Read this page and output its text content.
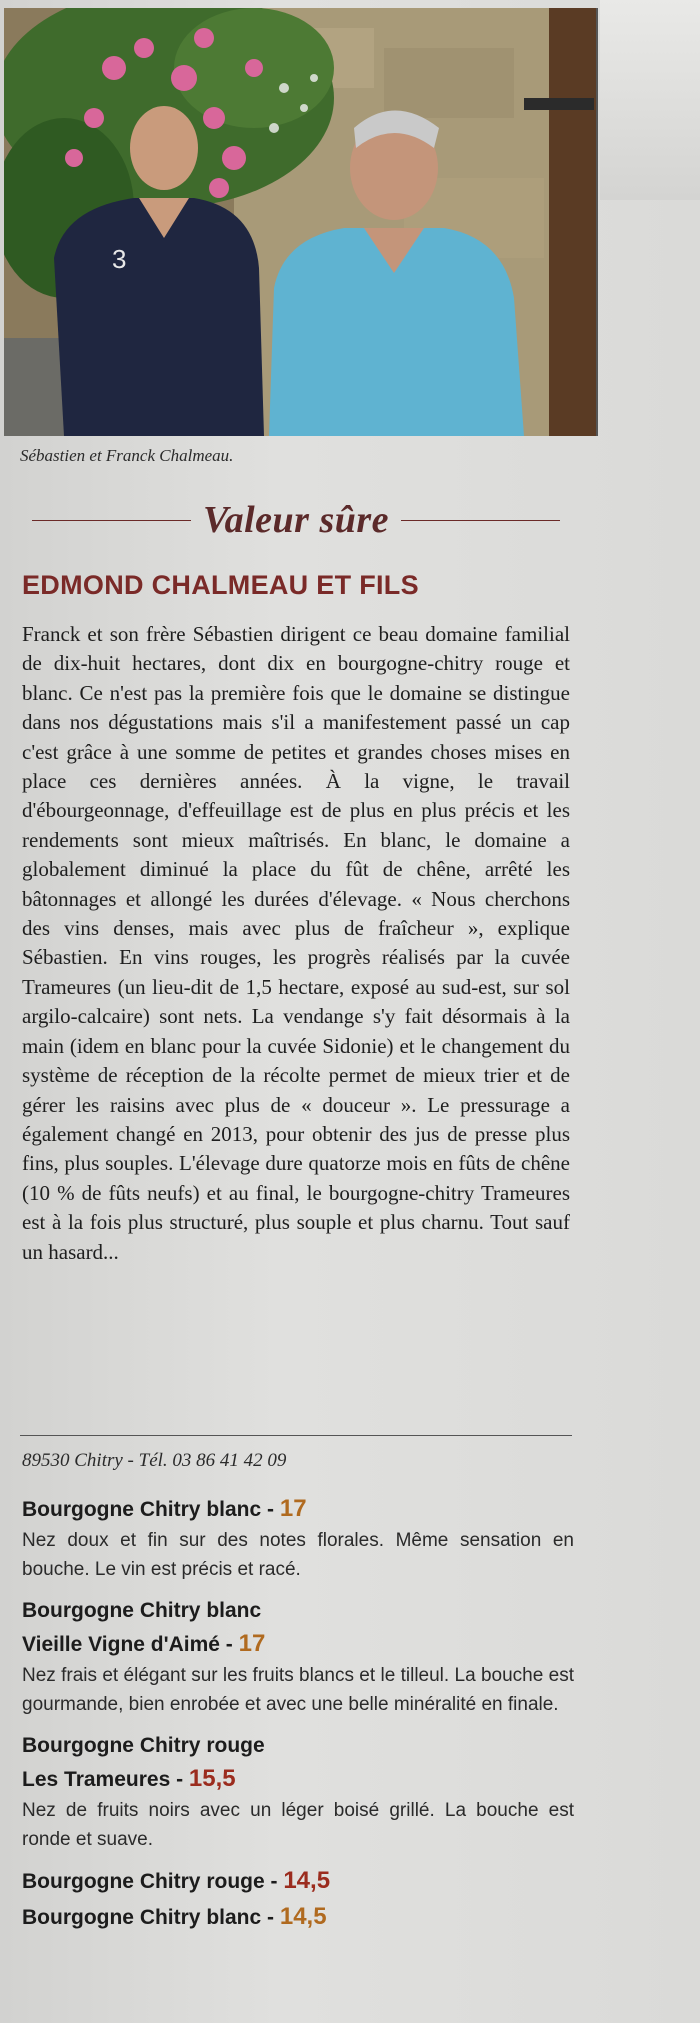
3
Sébastien et Franck Chalmeau.
Valeur sûre
EDMOND CHALMEAU ET FILS

Franck et son frère Sébastien dirigent ce beau domaine familial de dix-huit hectares, dont dix en bourgogne-chitry rouge et blanc. Ce n'est pas la première fois que le domaine se distingue dans nos dégustations mais s'il a manifestement passé un cap c'est grâce à une somme de petites et grandes choses mises en place ces dernières années. À la vigne, le travail d'ébourgeonnage, d'effeuillage est de plus en plus précis et les rendements sont mieux maîtrisés. En blanc, le domaine a globalement diminué la place du fût de chêne, arrêté les bâtonnages et allongé les durées d'élevage. « Nous cherchons des vins denses, mais avec plus de fraîcheur », explique Sébastien. En vins rouges, les progrès réalisés par la cuvée Trameures (un lieu-dit de 1,5 hectare, exposé au sud-est, sur sol argilo-calcaire) sont nets. La vendange s'y fait désormais à la main (idem en blanc pour la cuvée Sidonie) et le changement du système de réception de la récolte permet de mieux trier et de gérer les raisins avec plus de « douceur ». Le pressurage a également changé en 2013, pour obtenir des jus de presse plus fins, plus souples. L'élevage dure quatorze mois en fûts de chêne (10 % de fûts neufs) et au final, le bourgogne-chitry Trameures est à la fois plus structuré, plus souple et plus charnu. Tout sauf un hasard...

89530 Chitry - Tél. 03 86 41 42 09
Bourgogne Chitry blanc - 17
Nez doux et fin sur des notes florales. Même sensation en bouche. Le vin est précis et racé.
Bourgogne Chitry blanc
Vieille Vigne d'Aimé - 17
Nez frais et élégant sur les fruits blancs et le tilleul. La bouche est gourmande, bien enrobée et avec une belle minéralité en finale.
Bourgogne Chitry rouge
Les Trameures - 15,5
Nez de fruits noirs avec un léger boisé grillé. La bouche est ronde et suave.
Bourgogne Chitry rouge - 14,5
Bourgogne Chitry blanc - 14,5
